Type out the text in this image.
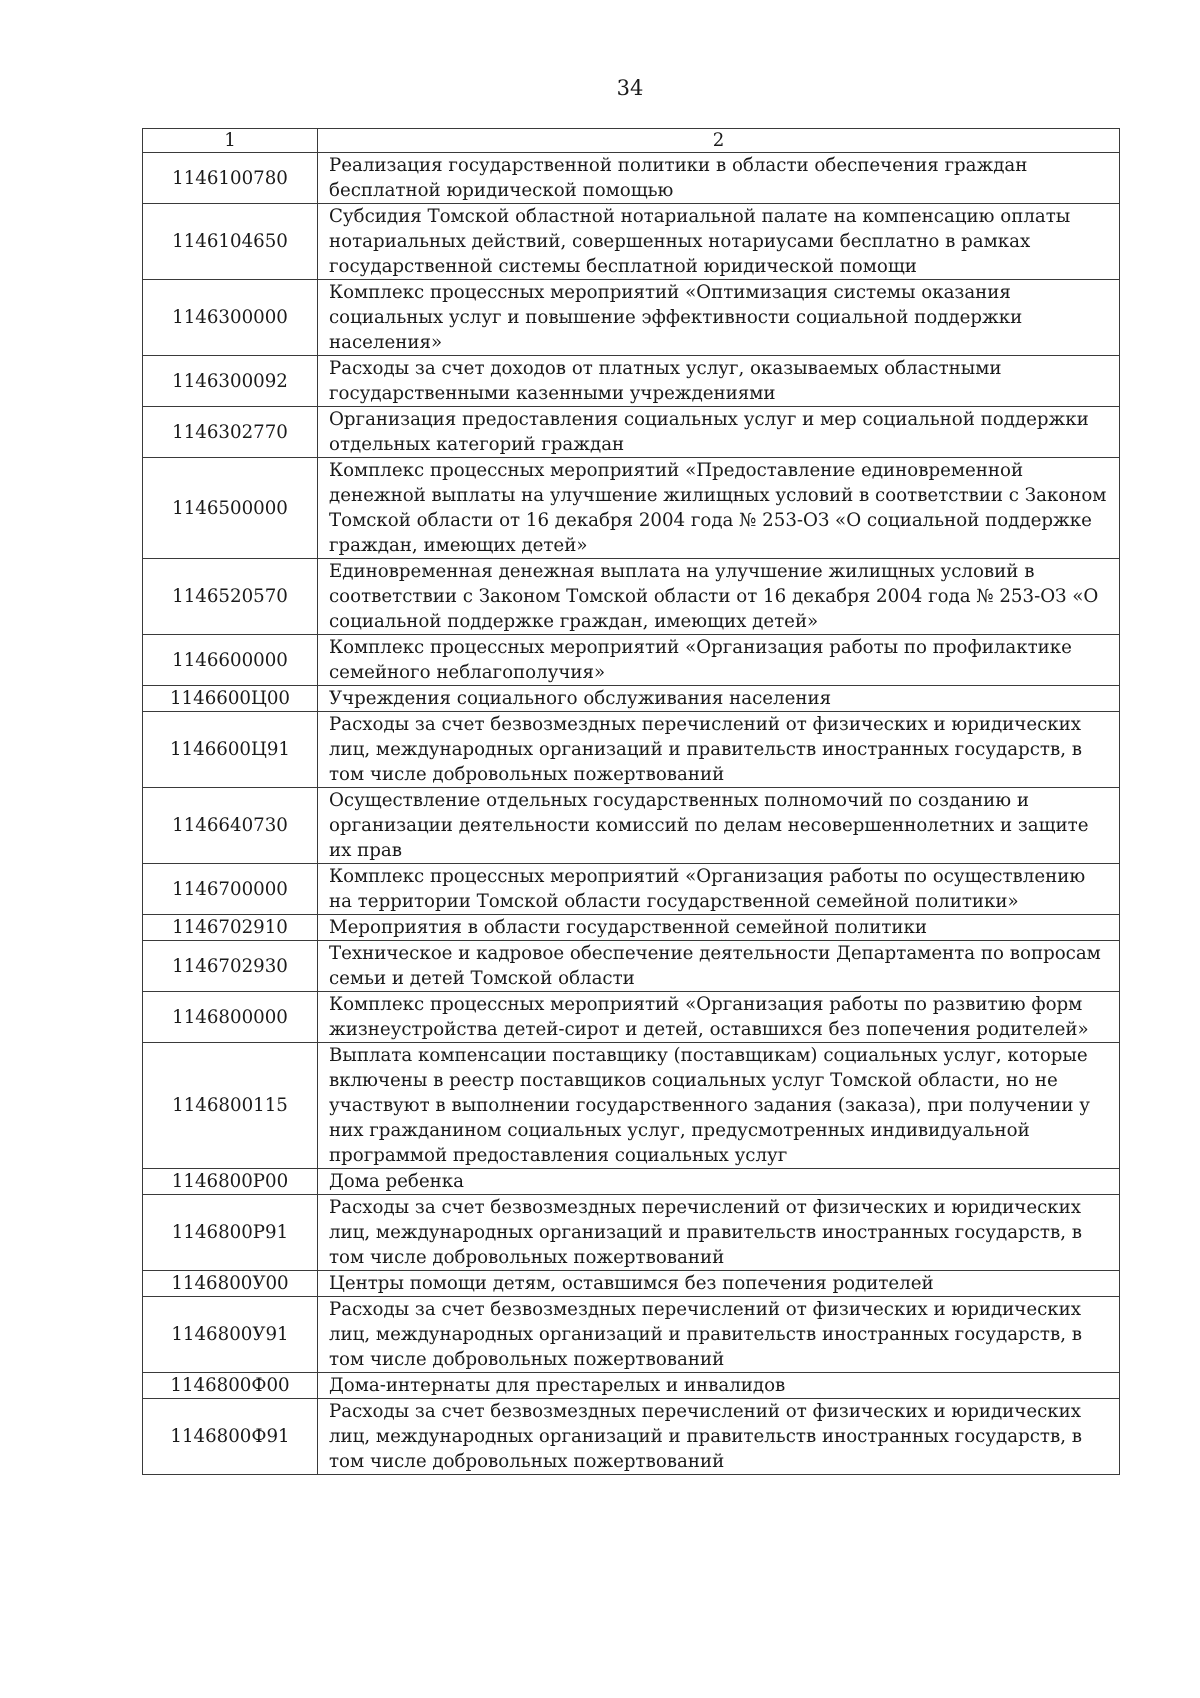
34
1	2
1146100780	Реализация государственной политики в области обеспечения граждан бесплатной юридической помощью
1146104650	Субсидия Томской областной нотариальной палате на компенсацию оплаты нотариальных действий, совершенных нотариусами бесплатно в рамках государственной системы бесплатной юридической помощи
1146300000	Комплекс процессных мероприятий «Оптимизация системы оказания социальных услуг и повышение эффективности социальной поддержки населения»
1146300092	Расходы за счет доходов от платных услуг, оказываемых областными государственными казенными учреждениями
1146302770	Организация предоставления социальных услуг и мер социальной поддержки отдельных категорий граждан
1146500000	Комплекс процессных мероприятий «Предоставление единовременной денежной выплаты на улучшение жилищных условий в соответствии с Законом Томской области от 16 декабря 2004 года № 253-ОЗ «О социальной поддержке граждан, имеющих детей»
1146520570	Единовременная денежная выплата на улучшение жилищных условий в соответствии с Законом Томской области от 16 декабря 2004 года № 253-ОЗ «О социальной поддержке граждан, имеющих детей»
1146600000	Комплекс процессных мероприятий «Организация работы по профилактике семейного неблагополучия»
1146600Ц00	Учреждения социального обслуживания населения
1146600Ц91	Расходы за счет безвозмездных перечислений от физических и юридических лиц, международных организаций и правительств иностранных государств, в том числе добровольных пожертвований
1146640730	Осуществление отдельных государственных полномочий по созданию и организации деятельности комиссий по делам несовершеннолетних и защите их прав
1146700000	Комплекс процессных мероприятий «Организация работы по осуществлению на территории Томской области государственной семейной политики»
1146702910	Мероприятия в области государственной семейной политики
1146702930	Техническое и кадровое обеспечение деятельности Департамента по вопросам семьи и детей Томской области
1146800000	Комплекс процессных мероприятий «Организация работы по развитию форм жизнеустройства детей-сирот и детей, оставшихся без попечения родителей»
1146800115	Выплата компенсации поставщику (поставщикам) социальных услуг, которые включены в реестр поставщиков социальных услуг Томской области, но не участвуют в выполнении государственного задания (заказа), при получении у них гражданином социальных услуг, предусмотренных индивидуальной программой предоставления социальных услуг
1146800Р00	Дома ребенка
1146800Р91	Расходы за счет безвозмездных перечислений от физических и юридических лиц, международных организаций и правительств иностранных государств, в том числе добровольных пожертвований
1146800У00	Центры помощи детям, оставшимся без попечения родителей
1146800У91	Расходы за счет безвозмездных перечислений от физических и юридических лиц, международных организаций и правительств иностранных государств, в том числе добровольных пожертвований
1146800Ф00	Дома-интернаты для престарелых и инвалидов
1146800Ф91	Расходы за счет безвозмездных перечислений от физических и юридических лиц, международных организаций и правительств иностранных государств, в том числе добровольных пожертвований
